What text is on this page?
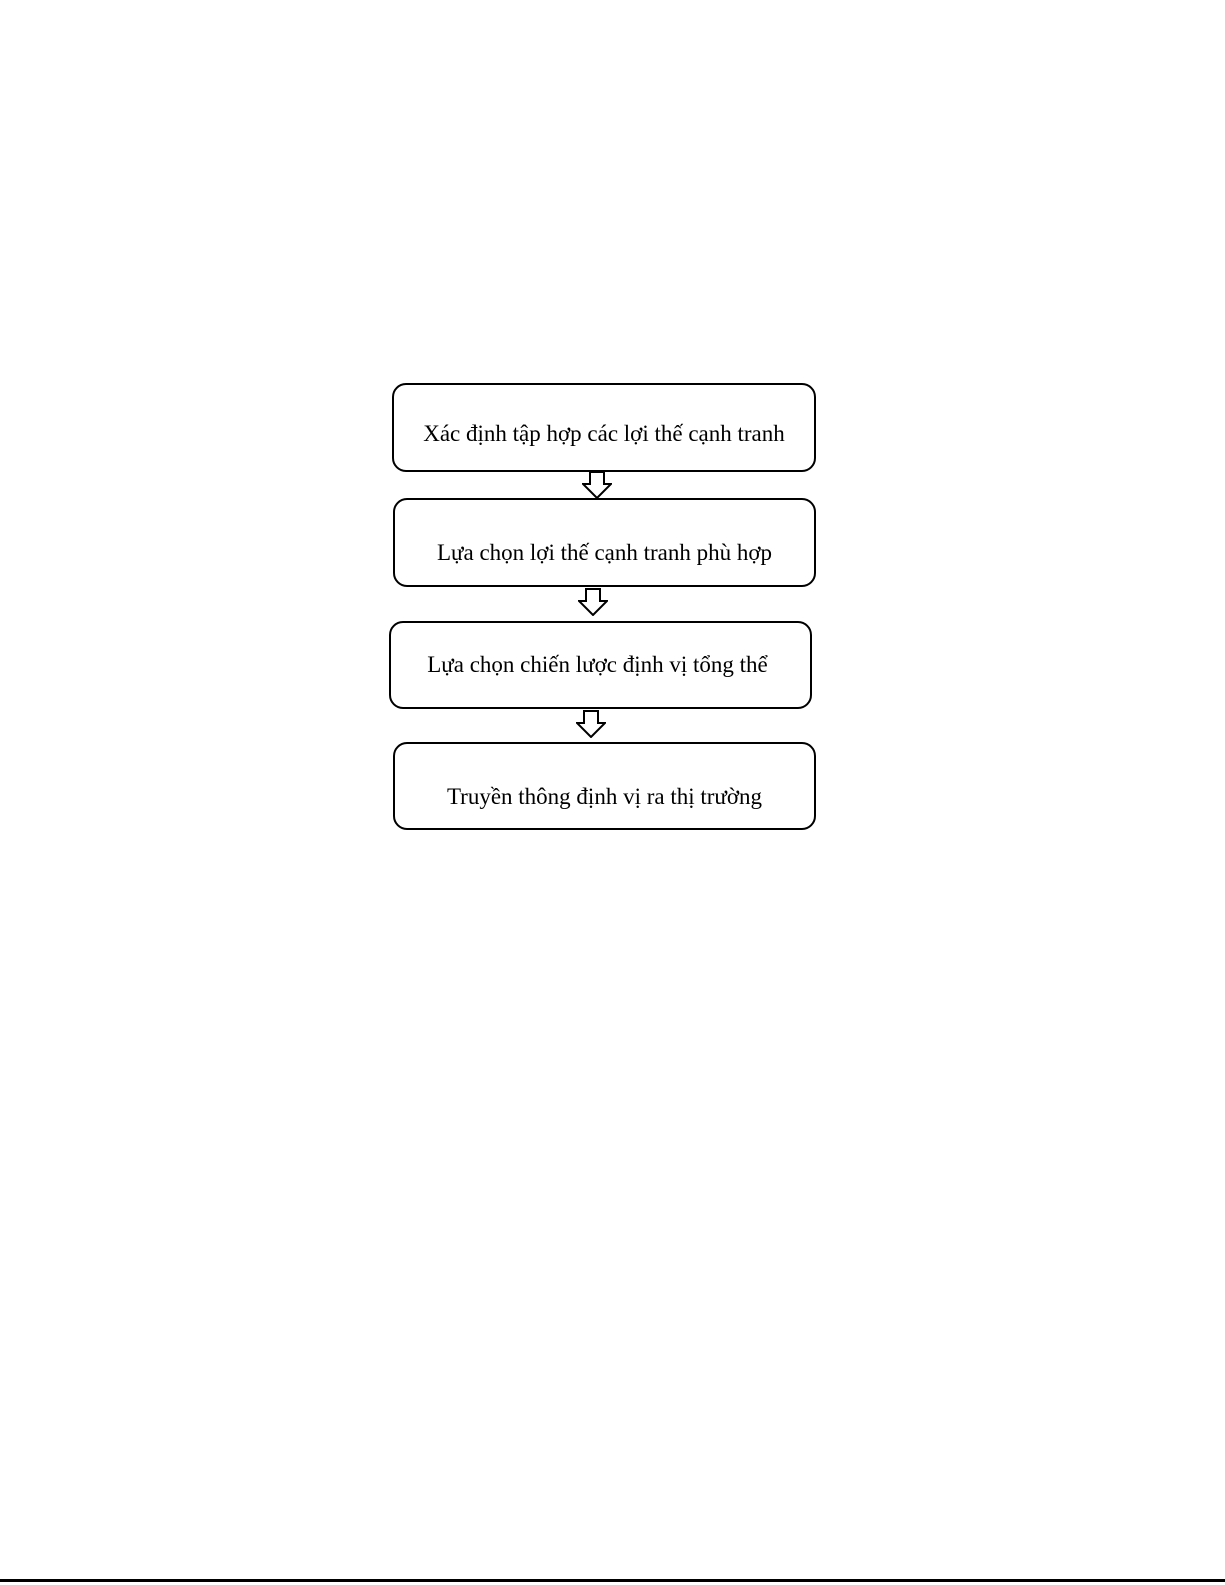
Xác định tập hợp các lợi thế cạnh tranh
Lựa chọn lợi thế cạnh tranh phù hợp
Lựa chọn chiến lược định vị tổng thể
Truyền thông định vị ra thị trường
